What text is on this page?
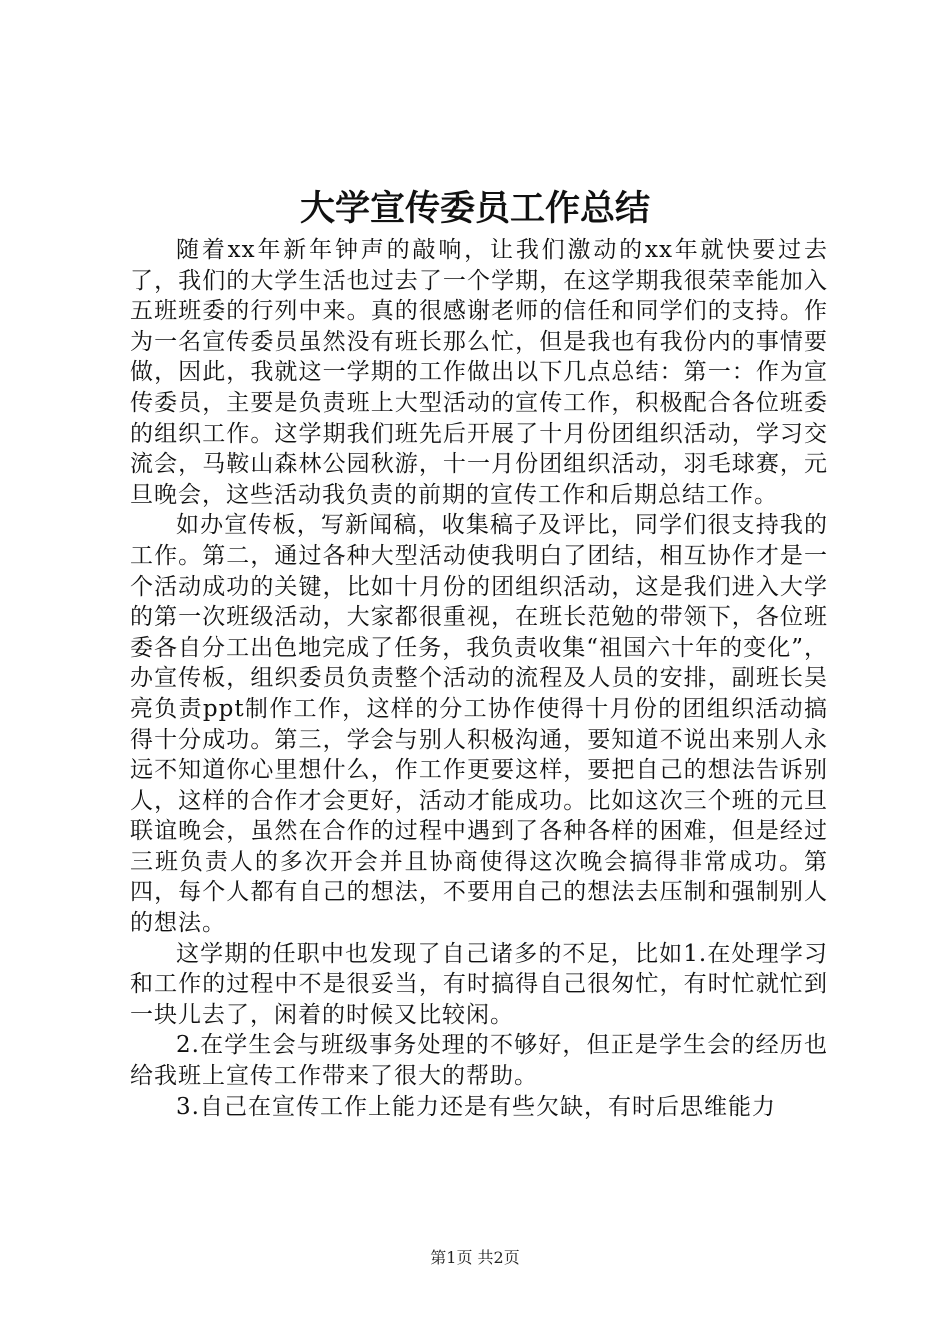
大学宣传委员工作总结

随着xx年新年钟声的敲响，让我们激动的xx年就快要过去了，我们的大学生活也过去了一个学期，在这学期我很荣幸能加入五班班委的行列中来。真的很感谢老师的信任和同学们的支持。作为一名宣传委员虽然没有班长那么忙，但是我也有我份内的事情要做，因此，我就这一学期的工作做出以下几点总结：第一：作为宣传委员，主要是负责班上大型活动的宣传工作，积极配合各位班委的组织工作。这学期我们班先后开展了十月份团组织活动，学习交流会，马鞍山森林公园秋游，十一月份团组织活动，羽毛球赛，元旦晚会，这些活动我负责的前期的宣传工作和后期总结工作。

如办宣传板，写新闻稿，收集稿子及评比，同学们很支持我的工作。第二，通过各种大型活动使我明白了团结，相互协作才是一个活动成功的关键，比如十月份的团组织活动，这是我们进入大学的第一次班级活动，大家都很重视，在班长范勉的带领下，各位班委各自分工出色地完成了任务，我负责收集“祖国六十年的变化”，办宣传板，组织委员负责整个活动的流程及人员的安排，副班长吴亮负责ppt制作工作，这样的分工协作使得十月份的团组织活动搞得十分成功。第三，学会与别人积极沟通，要知道不说出来别人永远不知道你心里想什么，作工作更要这样，要把自己的想法告诉别人，这样的合作才会更好，活动才能成功。比如这次三个班的元旦联谊晚会，虽然在合作的过程中遇到了各种各样的困难，但是经过三班负责人的多次开会并且协商使得这次晚会搞得非常成功。第四，每个人都有自己的想法，不要用自己的想法去压制和强制别人的想法。

这学期的任职中也发现了自己诸多的不足，比如1.在处理学习和工作的过程中不是很妥当，有时搞得自己很匆忙，有时忙就忙到一块儿去了，闲着的时候又比较闲。

2.在学生会与班级事务处理的不够好，但正是学生会的经历也给我班上宣传工作带来了很大的帮助。

3.自己在宣传工作上能力还是有些欠缺，有时后思维能力

第1页 共2页
